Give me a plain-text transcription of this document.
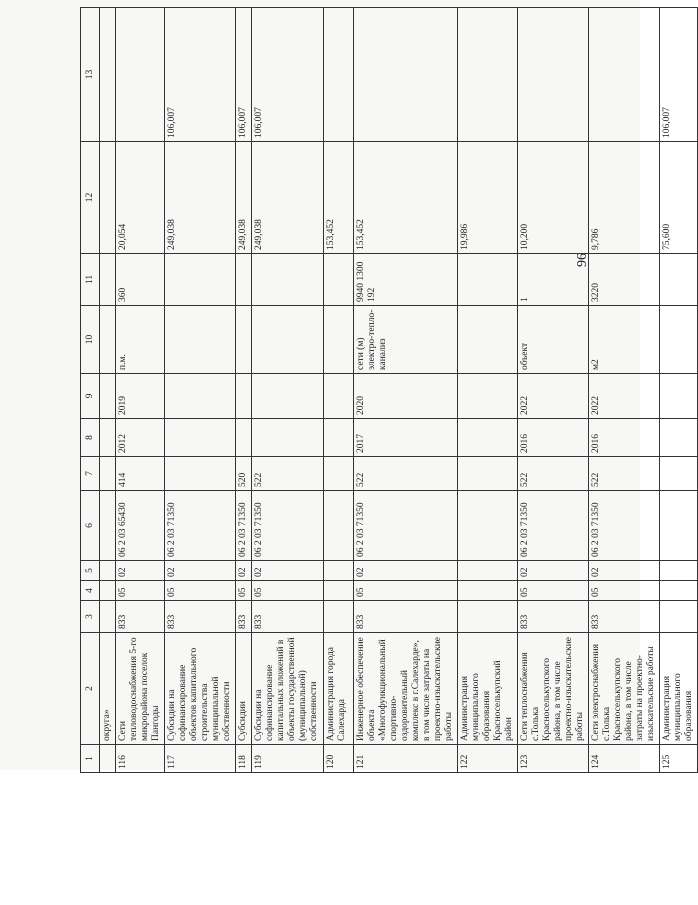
96
1	2	3	4	5	6	7	8	9	10	11	12	13
	округа»											
116	Сети тепловодоснабжения 5-го микрорайона поселок Пангоды	833	05	02	06 2 03 65430	414	2012	2019	п.м.	360	20,054	
117	Субсидии на софинансирование объектов капитального строительства муниципальной собственности	833	05	02	06 2 03 71350						249,038	106,007
118	Субсидии	833	05	02	06 2 03 71350	520					249,038	106,007
119	Субсидии на софинансирование капитальных вложений в объекты государственной (муниципальной) собственности	833	05	02	06 2 03 71350	522					249,038	106,007
120	Администрация города Салехарда										153,452	
121	Инженерное обеспечение объекта «Многофункциональный спортивно-оздоровительный комплекс в г.Салехарде», в том числе затраты на проектно-изыскательские работы	833	05	02	06 2 03 71350	522	2017	2020	сети (м) электро-тепло-канализ	9940 1300 192	153,452	
122	Администрация муниципального образования Красноселькупский район										19,986	
123	Сети теплоснабжения с.Толька Красноселькупского района, в том числе проектно-изыскательские работы	833	05	02	06 2 03 71350	522	2016	2022	объект	1	10,200	
124	Сети электроснабжения с.Толька Красноселькупского района, в том числе затраты на проектно-изыскательские работы	833	05	02	06 2 03 71350	522	2016	2022	м2	3220	9,786	
125	Администрация муниципального образования										75,600	106,007
